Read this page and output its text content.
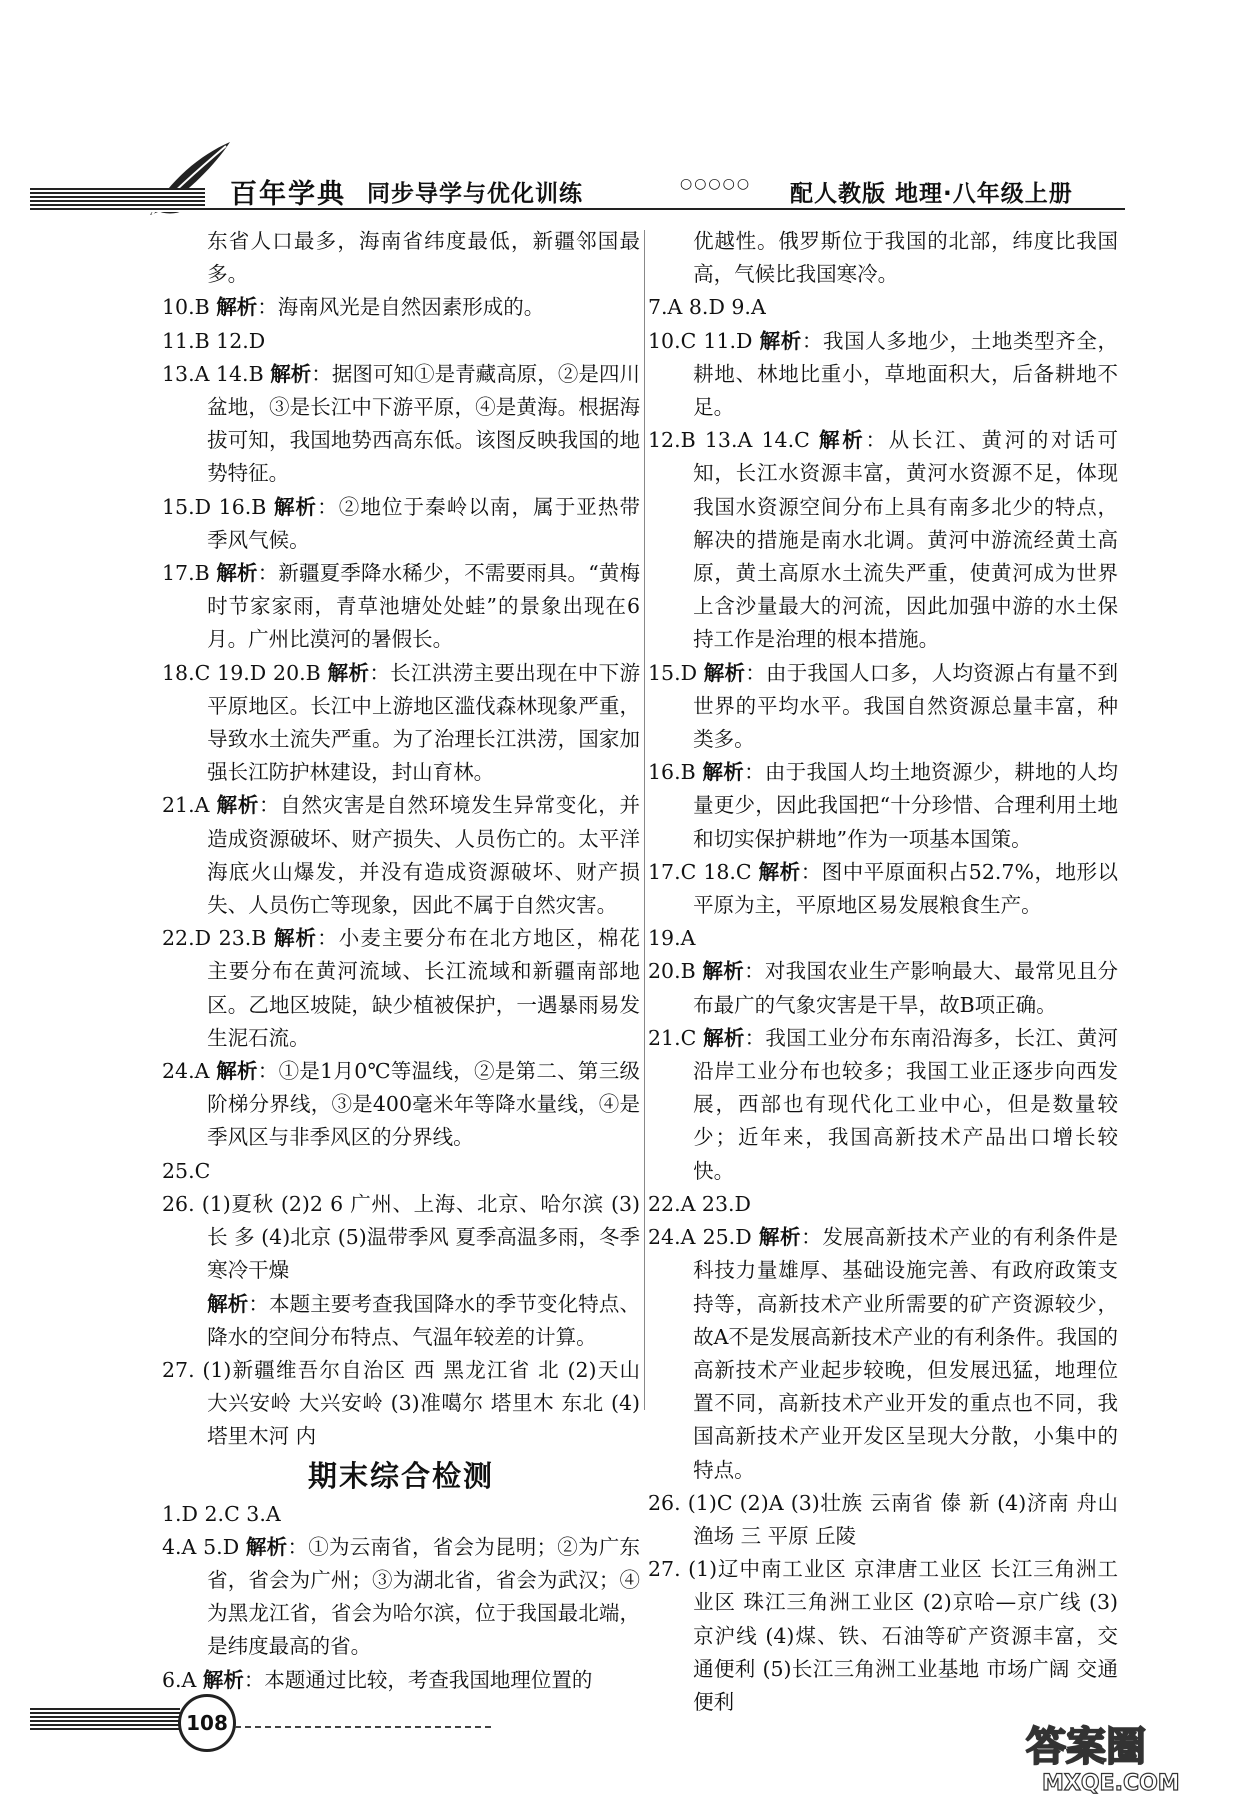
百年学典 同步导学与优化训练	○○○○○ 配人教版 地理·八年级上册

东省人口最多，海南省纬度最低，新疆邻国最多。

10.B 解析：海南风光是自然因素形成的。

11.B 12.D

13.A 14.B 解析：据图可知①是青藏高原，②是四川盆地，③是长江中下游平原，④是黄海。根据海拔可知，我国地势西高东低。该图反映我国的地势特征。

15.D 16.B 解析：②地位于秦岭以南，属于亚热带季风气候。

17.B 解析：新疆夏季降水稀少，不需要雨具。“黄梅时节家家雨，青草池塘处处蛙”的景象出现在6月。广州比漠河的暑假长。

18.C 19.D 20.B 解析：长江洪涝主要出现在中下游平原地区。长江中上游地区滥伐森林现象严重，导致水土流失严重。为了治理长江洪涝，国家加强长江防护林建设，封山育林。

21.A 解析：自然灾害是自然环境发生异常变化，并造成资源破坏、财产损失、人员伤亡的。太平洋海底火山爆发，并没有造成资源破坏、财产损失、人员伤亡等现象，因此不属于自然灾害。

22.D 23.B 解析：小麦主要分布在北方地区，棉花主要分布在黄河流域、长江流域和新疆南部地区。乙地区坡陡，缺少植被保护，一遇暴雨易发生泥石流。

24.A 解析：①是1月0℃等温线，②是第二、第三级阶梯分界线，③是400毫米年等降水量线，④是季风区与非季风区的分界线。

25.C

26. (1)夏秋 (2)2 6 广州、上海、北京、哈尔滨 (3)长 多 (4)北京 (5)温带季风 夏季高温多雨，冬季寒冷干燥

解析：本题主要考查我国降水的季节变化特点、降水的空间分布特点、气温年较差的计算。

27. (1)新疆维吾尔自治区 西 黑龙江省 北 (2)天山 大兴安岭 大兴安岭 (3)准噶尔 塔里木 东北 (4)塔里木河 内

期末综合检测

1.D 2.C 3.A

4.A 5.D 解析：①为云南省，省会为昆明；②为广东省，省会为广州；③为湖北省，省会为武汉；④为黑龙江省，省会为哈尔滨，位于我国最北端，是纬度最高的省。

6.A 解析：本题通过比较，考查我国地理位置的

优越性。俄罗斯位于我国的北部，纬度比我国高，气候比我国寒冷。

7.A 8.D 9.A

10.C 11.D 解析：我国人多地少，土地类型齐全，耕地、林地比重小，草地面积大，后备耕地不足。

12.B 13.A 14.C 解析：从长江、黄河的对话可知，长江水资源丰富，黄河水资源不足，体现我国水资源空间分布上具有南多北少的特点，解决的措施是南水北调。黄河中游流经黄土高原，黄土高原水土流失严重，使黄河成为世界上含沙量最大的河流，因此加强中游的水土保持工作是治理的根本措施。

15.D 解析：由于我国人口多，人均资源占有量不到世界的平均水平。我国自然资源总量丰富，种类多。

16.B 解析：由于我国人均土地资源少，耕地的人均量更少，因此我国把“十分珍惜、合理利用土地和切实保护耕地”作为一项基本国策。

17.C 18.C 解析：图中平原面积占52.7%，地形以平原为主，平原地区易发展粮食生产。

19.A

20.B 解析：对我国农业生产影响最大、最常见且分布最广的气象灾害是干旱，故B项正确。

21.C 解析：我国工业分布东南沿海多，长江、黄河沿岸工业分布也较多；我国工业正逐步向西发展，西部也有现代化工业中心，但是数量较少；近年来，我国高新技术产品出口增长较快。

22.A 23.D

24.A 25.D 解析：发展高新技术产业的有利条件是科技力量雄厚、基础设施完善、有政府政策支持等，高新技术产业所需要的矿产资源较少，故A不是发展高新技术产业的有利条件。我国的高新技术产业起步较晚，但发展迅猛，地理位置不同，高新技术产业开发的重点也不同，我国高新技术产业开发区呈现大分散，小集中的特点。

26. (1)C (2)A (3)壮族 云南省 傣 新 (4)济南 舟山渔场 三 平原 丘陵

27. (1)辽中南工业区 京津唐工业区 长江三角洲工业区 珠江三角洲工业区 (2)京哈—京广线 (3)京沪线 (4)煤、铁、石油等矿产资源丰富，交通便利 (5)长江三角洲工业基地 市场广阔 交通便利

108
答案圈
MXQE.COM
